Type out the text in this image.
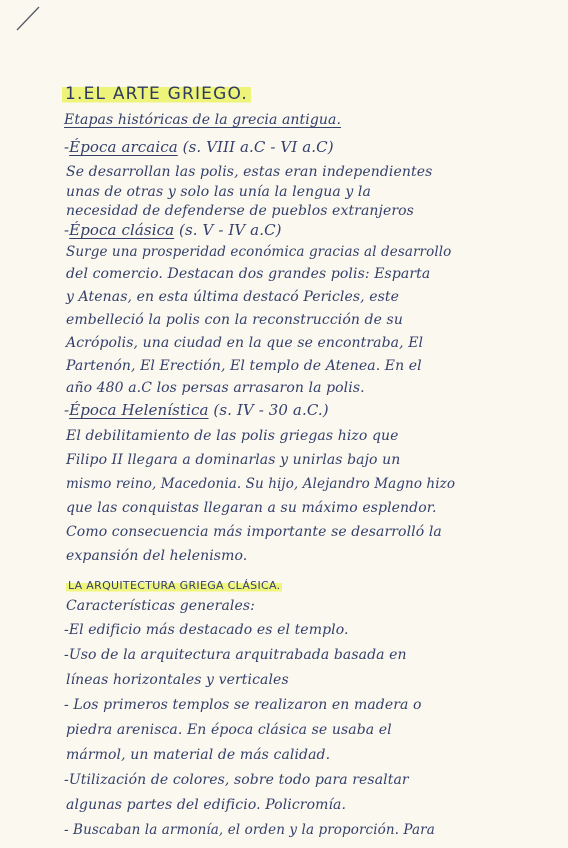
1.EL ARTE GRIEGO.
Etapas históricas de la grecia antigua.
-Época arcaica (s. VIII a.C - VI a.C)
Se desarrollan las polis, estas eran independientes
unas de otras y solo las unía la lengua y la
necesidad de defenderse de pueblos extranjeros
-Época clásica (s. V - IV a.C)
Surge una prosperidad económica gracias al desarrollo
del comercio. Destacan dos grandes polis: Esparta
y Atenas, en esta última destacó Pericles, este
embelleció la polis con la reconstrucción de su
Acrópolis, una ciudad en la que se encontraba, El
Partenón, El Erectión, El templo de Atenea. En el
año 480 a.C los persas arrasaron la polis.
-Época Helenística (s. IV - 30 a.C.)
El debilitamiento de las polis griegas hizo que
Filipo II llegara a dominarlas y unirlas bajo un
mismo reino, Macedonia. Su hijo, Alejandro Magno hizo
que las conquistas llegaran a su máximo esplendor.
Como consecuencia más importante se desarrolló la
expansión del helenismo.
LA ARQUITECTURA GRIEGA CLÁSICA.
Características generales:
-El edificio más destacado es el templo.
-Uso de la arquitectura arquitrabada basada en
líneas horizontales y verticales
- Los primeros templos se realizaron en madera o
piedra arenisca. En época clásica se usaba el
mármol, un material de más calidad.
-Utilización de colores, sobre todo para resaltar
algunas partes del edificio. Policromía.
- Buscaban la armonía, el orden y la proporción. Para
